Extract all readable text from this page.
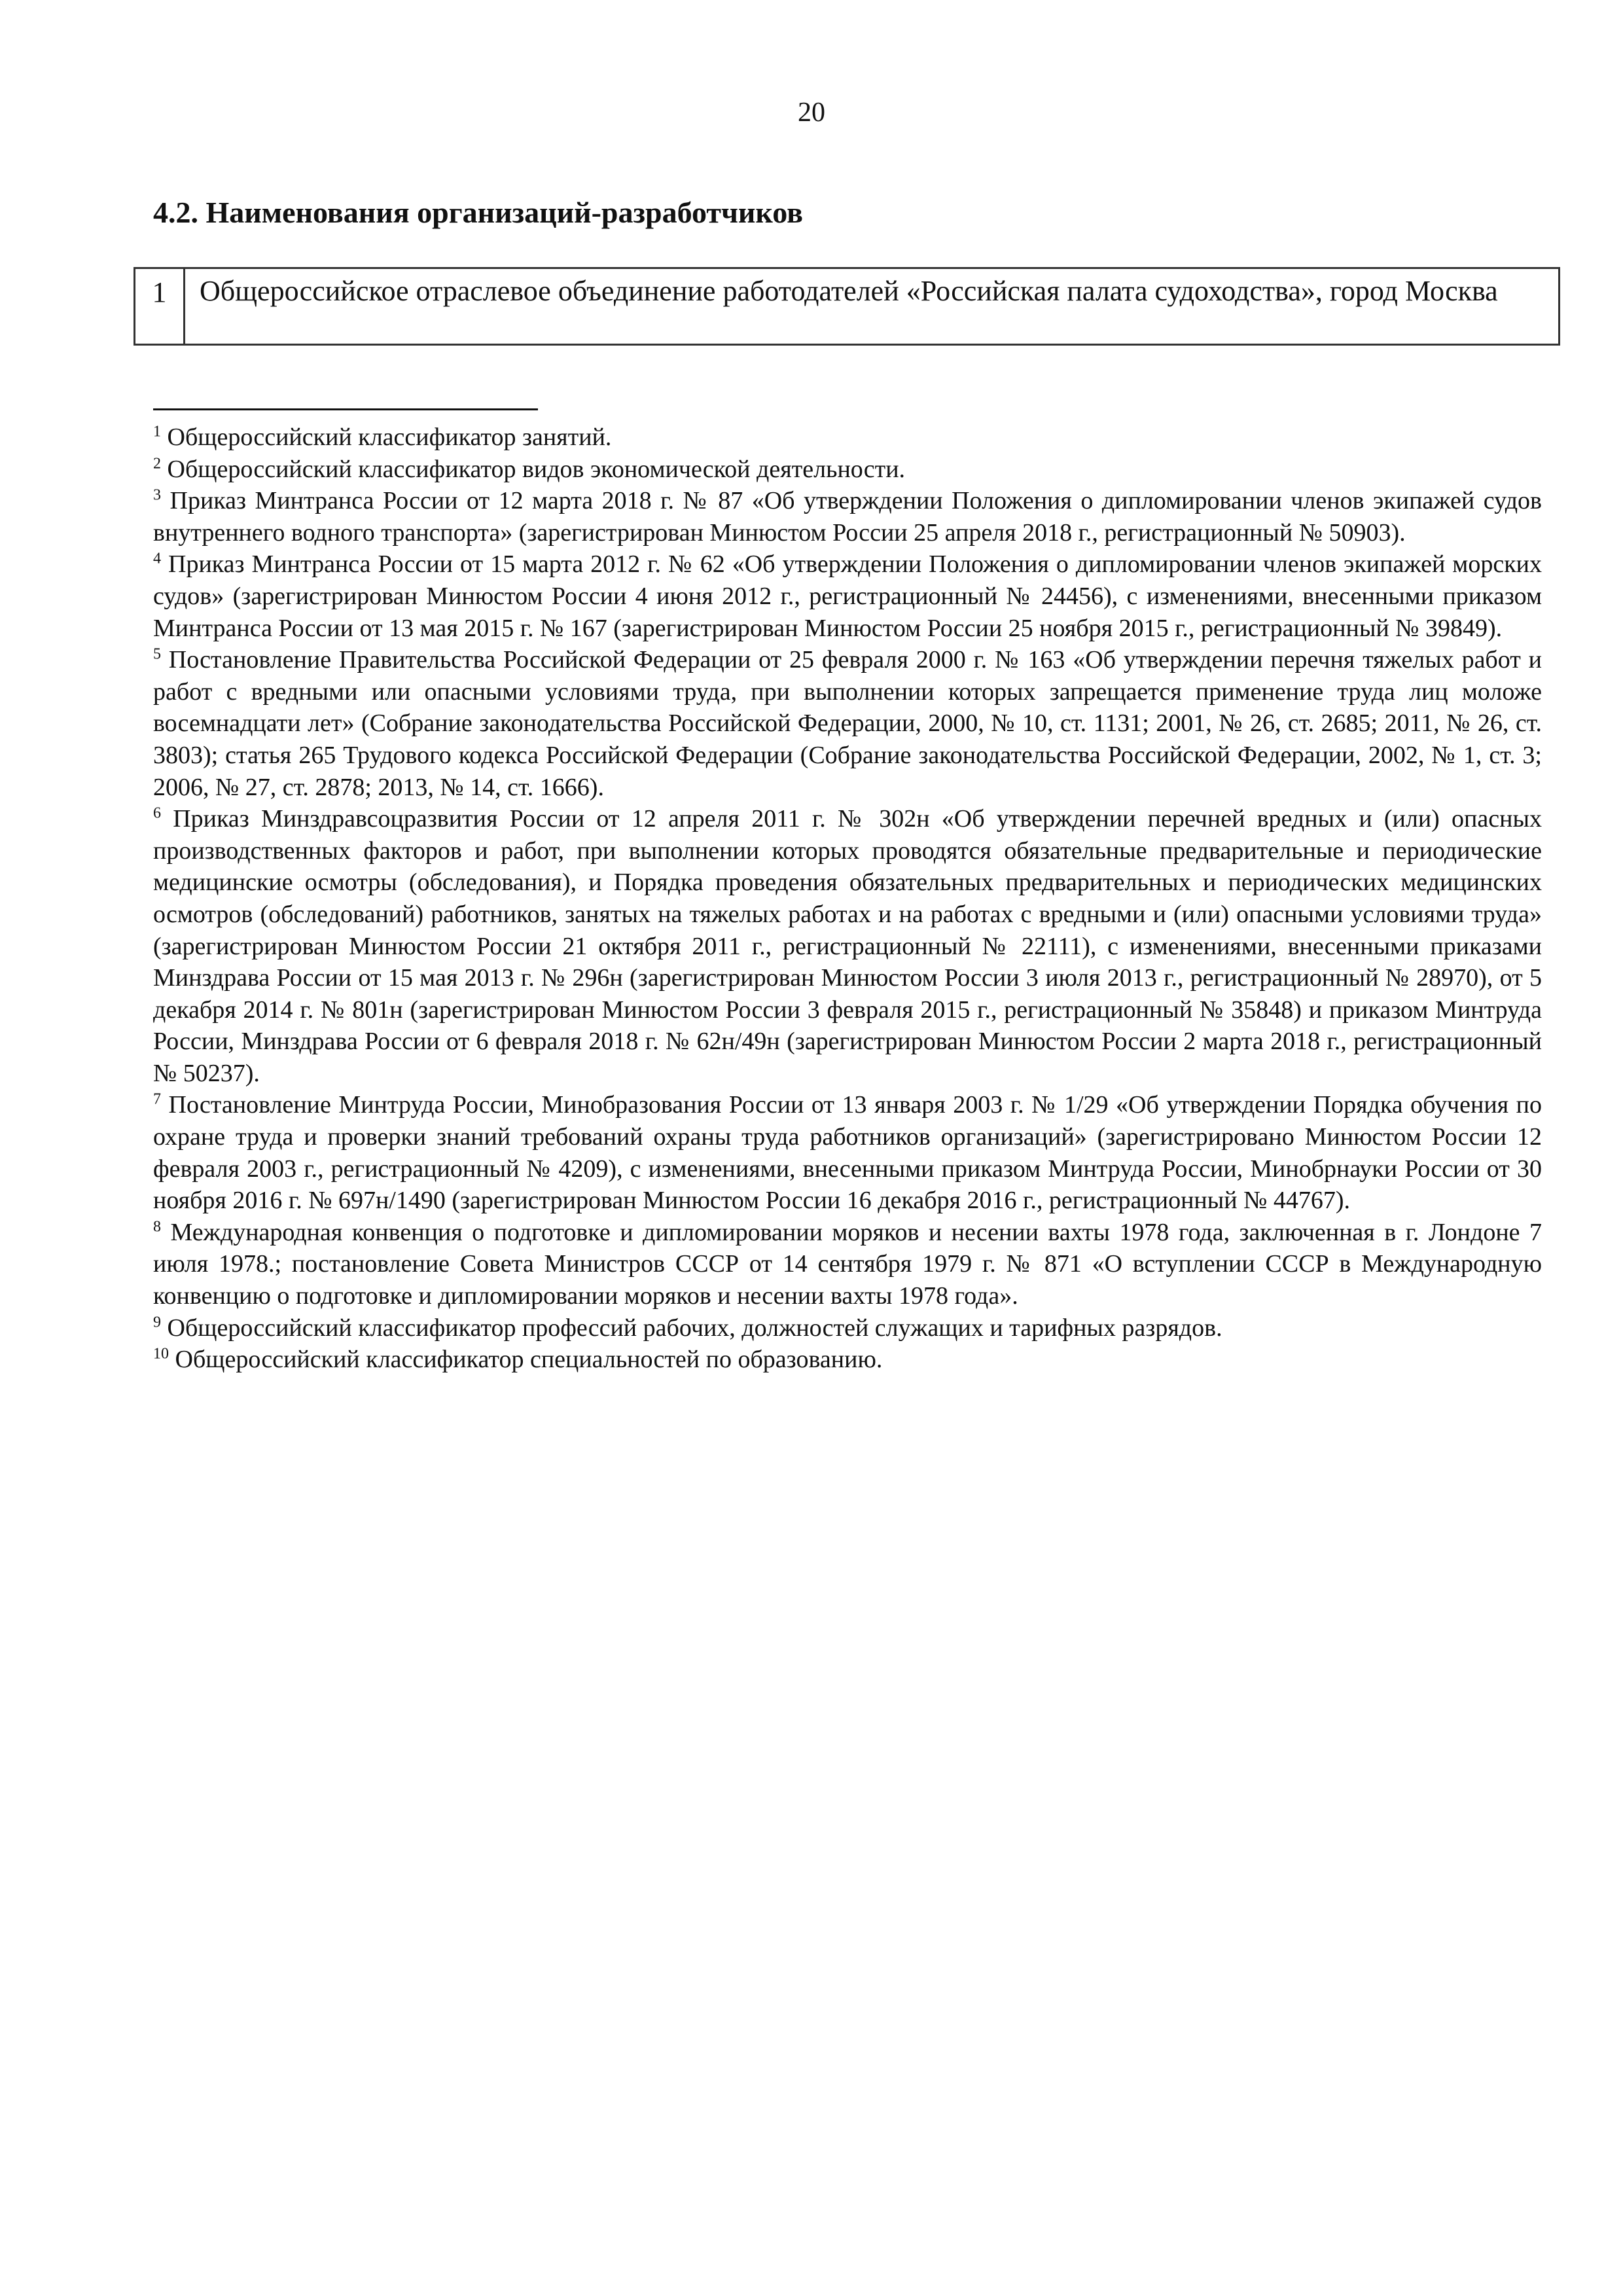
20
4.2. Наименования организаций-разработчиков
1	Общероссийское отраслевое объединение работодателей «Российская палата судоходства», город Москва

$^1$ Общероссийский классификатор занятий.

$^2$ Общероссийский классификатор видов экономической деятельности.

$^3$ Приказ Минтранса России от 12 марта 2018 г. № 87 «Об утверждении Положения о дипломировании членов экипажей судов внутреннего водного транспорта» (зарегистрирован Минюстом России 25 апреля 2018 г., регистрационный № 50903).

$^4$ Приказ Минтранса России от 15 марта 2012 г. № 62 «Об утверждении Положения о дипломировании членов экипажей морских судов» (зарегистрирован Минюстом России 4 июня 2012 г., регистрационный № 24456), с изменениями, внесенными приказом Минтранса России от 13 мая 2015 г. № 167 (зарегистрирован Минюстом России 25 ноября 2015 г., регистрационный № 39849).

$^5$ Постановление Правительства Российской Федерации от 25 февраля 2000 г. № 163 «Об утверждении перечня тяжелых работ и работ с вредными или опасными условиями труда, при выполнении которых запрещается применение труда лиц моложе восемнадцати лет» (Собрание законодательства Российской Федерации, 2000, № 10, ст. 1131; 2001, № 26, ст. 2685; 2011, № 26, ст. 3803); статья 265 Трудового кодекса Российской Федерации (Собрание законодательства Российской Федерации, 2002, № 1, ст. 3; 2006, № 27, ст. 2878; 2013, № 14, ст. 1666).

$^6$ Приказ Минздравсоцразвития России от 12 апреля 2011 г. № 302н «Об утверждении перечней вредных и (или) опасных производственных факторов и работ, при выполнении которых проводятся обязательные предварительные и периодические медицинские осмотры (обследования), и Порядка проведения обязательных предварительных и периодических медицинских осмотров (обследований) работников, занятых на тяжелых работах и на работах с вредными и (или) опасными условиями труда» (зарегистрирован Минюстом России 21 октября 2011 г., регистрационный № 22111), с изменениями, внесенными приказами Минздрава России от 15 мая 2013 г. № 296н (зарегистрирован Минюстом России 3 июля 2013 г., регистрационный № 28970), от 5 декабря 2014 г. № 801н (зарегистрирован Минюстом России 3 февраля 2015 г., регистрационный № 35848) и приказом Минтруда России, Минздрава России от 6 февраля 2018 г. № 62н/49н (зарегистрирован Минюстом России 2 марта 2018 г., регистрационный № 50237).

$^7$ Постановление Минтруда России, Минобразования России от 13 января 2003 г. № 1/29 «Об утверждении Порядка обучения по охране труда и проверки знаний требований охраны труда работников организаций» (зарегистрировано Минюстом России 12 февраля 2003 г., регистрационный № 4209), с изменениями, внесенными приказом Минтруда России, Минобрнауки России от 30 ноября 2016 г. № 697н/1490 (зарегистрирован Минюстом России 16 декабря 2016 г., регистрационный № 44767).

$^8$ Международная конвенция о подготовке и дипломировании моряков и несении вахты 1978 года, заключенная в г. Лондоне 7 июля 1978.; постановление Совета Министров СССР от 14 сентября 1979 г. № 871 «О вступлении СССР в Международную конвенцию о подготовке и дипломировании моряков и несении вахты 1978 года».

$^9$ Общероссийский классификатор профессий рабочих, должностей служащих и тарифных разрядов.

$^{10}$ Общероссийский классификатор специальностей по образованию.
